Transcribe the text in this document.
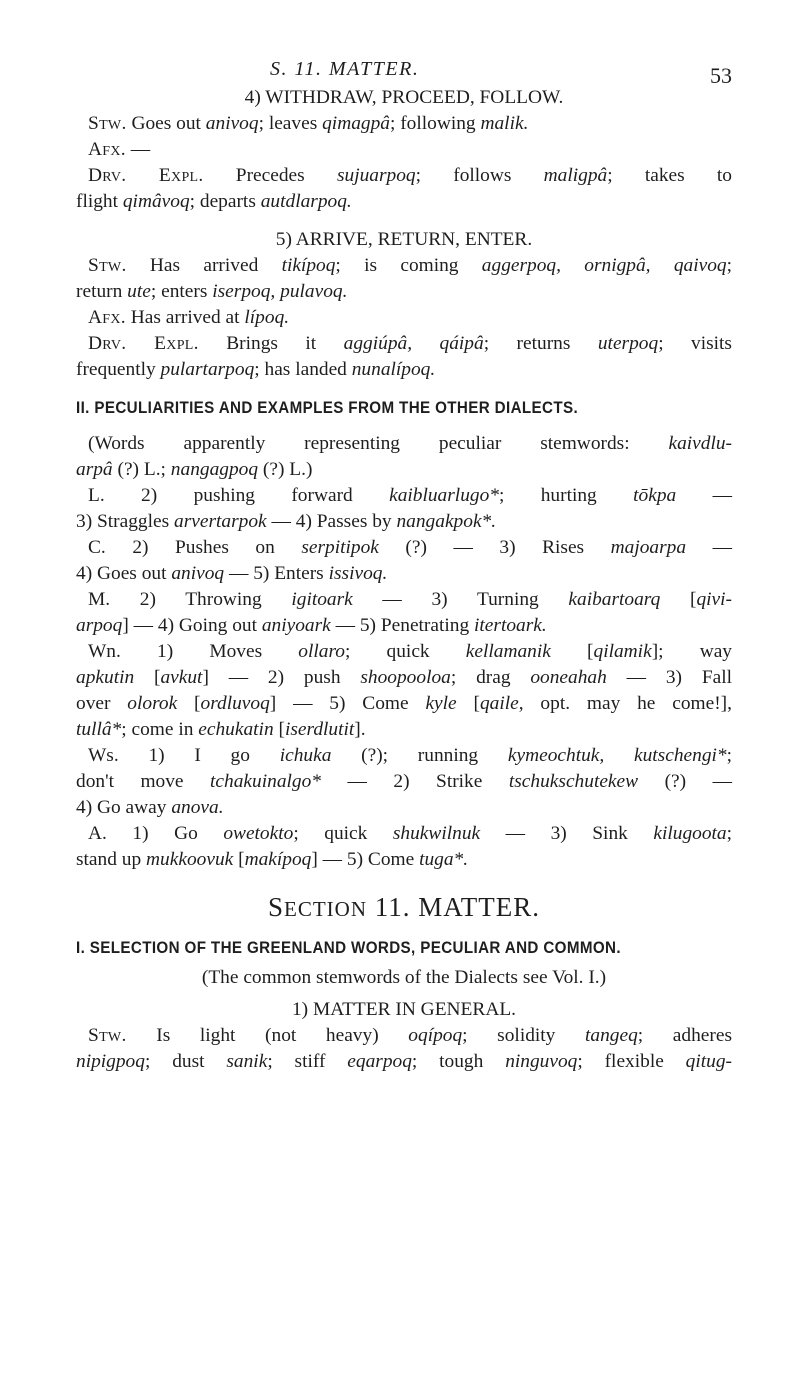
S. 11. MATTER.	53
4) WITHDRAW, PROCEED, FOLLOW.
Stw. Goes out anivoq; leaves qimagpâ; following malik.
Afx. —
Drv. Expl. Precedes sujuarpoq; follows maligpâ; takes to
flight qimâvoq; departs autdlarpoq.
5) ARRIVE, RETURN, ENTER.
Stw. Has arrived tikípoq; is coming aggerpoq, ornigpâ, qaivoq;
return ute; enters iserpoq, pulavoq.
Afx. Has arrived at lípoq.
Drv. Expl. Brings it aggiúpâ, qáipâ; returns uterpoq; visits
frequently pulartarpoq; has landed nunalípoq.
II. PECULIARITIES AND EXAMPLES FROM THE OTHER DIALECTS.
(Words apparently representing peculiar stemwords: kaivdlu-
arpâ (?) L.; nangagpoq (?) L.)
L. 2) pushing forward kaibluarlugo*; hurting tōkpa —
3) Straggles arvertarpok — 4) Passes by nangakpok*.
C. 2) Pushes on serpitipok (?) — 3) Rises majoarpa —
4) Goes out anivoq — 5) Enters issivoq.
M. 2) Throwing igitoark — 3) Turning kaibartoarq [qivi-
arpoq] — 4) Going out aniyoark — 5) Penetrating itertoark.
Wn. 1) Moves ollaro; quick kellamanik [qilamik]; way
apkutin [avkut] — 2) push shoopooloa; drag ooneahah — 3) Fall
over olorok [ordluvoq] — 5) Come kyle [qaile, opt. may he come!],
tullâ*; come in echukatin [iserdlutit].
Ws. 1) I go ichuka (?); running kymeochtuk, kutschengi*;
don't move tchakuinalgo* — 2) Strike tschukschutekew (?) —
4) Go away anova.
A. 1) Go owetokto; quick shukwilnuk — 3) Sink kilugoota;
stand up mukkoovuk [makípoq] — 5) Come tuga*.
SECTION 11. MATTER.
I. SELECTION OF THE GREENLAND WORDS, PECULIAR AND COMMON.
(The common stemwords of the Dialects see Vol. I.)
1) MATTER IN GENERAL.
Stw. Is light (not heavy) oqípoq; solidity tangeq; adheres
nipigpoq; dust sanik; stiff eqarpoq; tough ninguvoq; flexible qitug-
